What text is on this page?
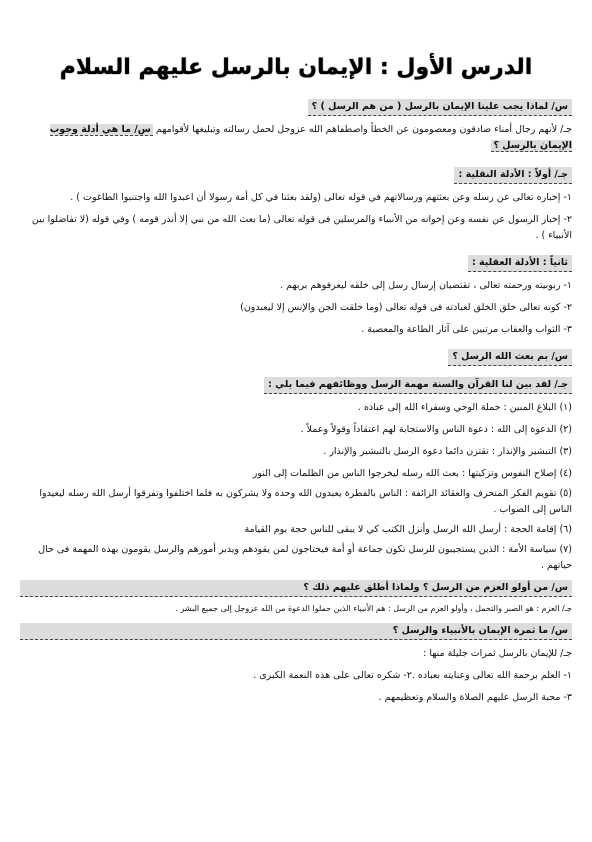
الدرس الأول : الإيمان بالرسل عليهم السلام
س/ لماذا يجب علينا الإيمان بالرسل ( من هم الرسل ) ؟

جـ/ لأنهم رجال أمناء صادقون ومعصومون عن الخطأ واصطفاهم الله عزوجل لحمل رسالته وتبليغها لأقوامهم س/ ما هي أدلة وجوب الإيمان بالرسل ؟

جـ/ أولاً : الأدلة النقلية :

١- إخباره تعالى عن رسله وعن بعثتهم ورسالاتهم في قوله تعالى (ولقد بعثنا في كل أمة رسولا أن اعبدوا الله واجتنبوا الطاغوت ) .

٢- إخبار الرسول عن نفسه وعن إخوانه من الأنبياء والمرسلين فى قوله تعالى (ما بعث الله من نبي إلا أنذر قومه ) وفي قوله (لا تفاضلوا بين الأنبياء ) .

ثانياً : الأدلة العقلية :

١- ربوبيته ورحمته تعالى ، تقتضيان إرسال رسل إلى خلقه ليعرفوهم بربهم .

٢- كونه تعالى خلق الخلق لعبادته فى قوله تعالى (وما خلقت الجن والإنس إلا ليعبدون)

٣- الثواب والعقاب مرتبين على آثار الطاعة والمعصية .

س/ بم بعث الله الرسل ؟
جـ/ لقد بين لنا القرآن والسنة مهمة الرسل ووظائفهم فيما يلي :

(١) البلاغ المبين : حملة الوحي وسفراء الله إلى عباده .

(٢) الدعوة إلى الله : دعوة الناس والاستجابة لهم اعتقاداً وقولاً وعملاً .

(٣) التبشير والإنذار : تقترن دائما دعوة الرسل بالتبشير والإنذار .

(٤) إصلاح النفوس وتزكيتها : بعث الله رسله ليخرجوا الناس من الظلمات إلى النور

(٥) تقويم الفكر المنحرف والعقائد الزائفة : الناس بالفطرة يعبدون الله وحده ولا يشركون به فلما اختلفوا وتفرقوا أرسل الله رسله ليعيدوا الناس إلى الصواب .

(٦) إقامة الحجة : أرسل الله الرسل وأنزل الكتب كي لا يبقى للناس حجة يوم القيامة

(٧) سياسة الأمة : الذين يستجيبون للرسل تكون جماعة أو أمة فيحتاجون لمن يقودهم ويدبر أمورهم والرسل يقومون بهذه المهمة فى حال حياتهم .

س/ من أولو العزم من الرسل ؟ ولماذا أطلق عليهم ذلك ؟

جـ/ العزم : هو الصبر والتحمل ، وأولو العزم من الرسل : هم الأنبياء الذين حملوا الدعوة من الله عزوجل إلى جميع البشر .

س/ ما ثمرة الإيمان بالأنبياء والرسل ؟

جـ/ للإيمان بالرسل ثمرات جليلة منها :

١- العلم برحمة الله تعالى وعنايته بعباده .٢- شكره تعالى على هذه النعمة الكبرى .

٣- محبة الرسل عليهم الصلاة والسلام وتعظيمهم .
